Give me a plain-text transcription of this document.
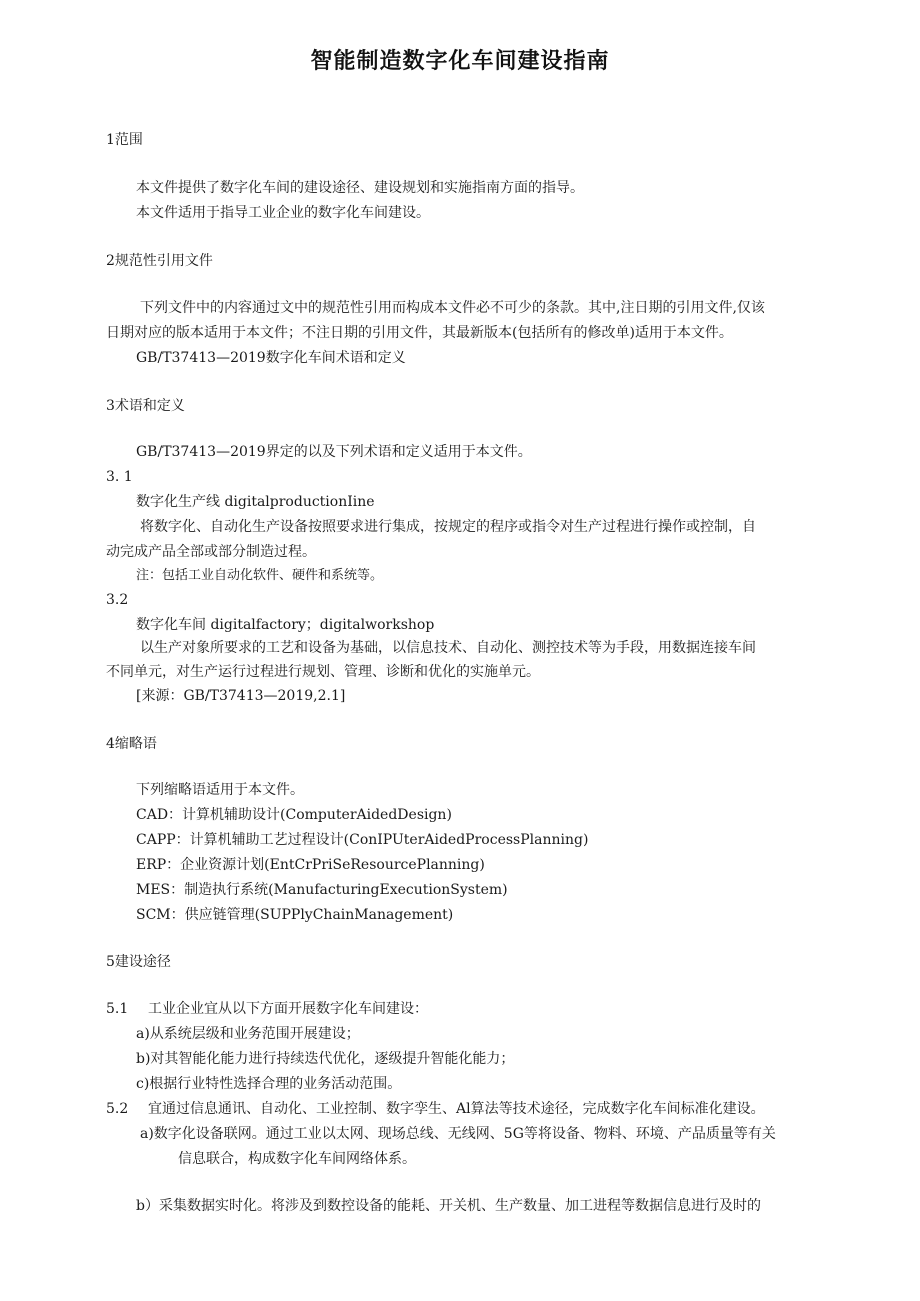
智能制造数字化车间建设指南
1范围
本文件提供了数字化车间的建设途径、建设规划和实施指南方面的指导。
本文件适用于指导工业企业的数字化车间建设。
2规范性引用文件
下列文件中的内容通过文中的规范性引用而构成本文件必不可少的条款。其中,注日期的引用文件,仅该
日期对应的版本适用于本文件；不注日期的引用文件，其最新版本(包括所有的修改单)适用于本文件。
GB/T37413—2019数字化车间术语和定义
3术语和定义
GB/T37413—2019界定的以及下列术语和定义适用于本文件。
3. 1
数字化生产线 digitalproductionIine
将数字化、自动化生产设备按照要求进行集成，按规定的程序或指令对生产过程进行操作或控制，自
动完成产品全部或部分制造过程。
注：包括工业自动化软件、硬件和系统等。
3.2
数字化车间 digitalfactory；digitalworkshop
以生产对象所要求的工艺和设备为基础，以信息技术、自动化、测控技术等为手段，用数据连接车间
不同单元，对生产运行过程进行规划、管理、诊断和优化的实施单元。
[来源：GB/T37413—2019,2.1]
4缩略语
下列缩略语适用于本文件。
CAD：计算机辅助设计(ComputerAidedDesign)
CAPP：计算机辅助工艺过程设计(ConIPUterAidedProcessPlanning)
ERP：企业资源计划(EntCrPriSeResourcePlanning)
MES：制造执行系统(ManufacturingExecutionSystem)
SCM：供应链管理(SUPPlyChainManagement)
5建设途径
5.1 工业企业宜从以下方面开展数字化车间建设：
a)从系统层级和业务范围开展建设；
b)对其智能化能力进行持续迭代优化，逐级提升智能化能力；
c)根据行业特性选择合理的业务活动范围。
5.2 宜通过信息通讯、自动化、工业控制、数字孪生、Al算法等技术途径，完成数字化车间标准化建设。
a)数字化设备联网。通过工业以太网、现场总线、无线网、5G等将设备、物料、环境、产品质量等有关
信息联合，构成数字化车间网络体系。
b）采集数据实时化。将涉及到数控设备的能耗、开关机、生产数量、加工进程等数据信息进行及时的
